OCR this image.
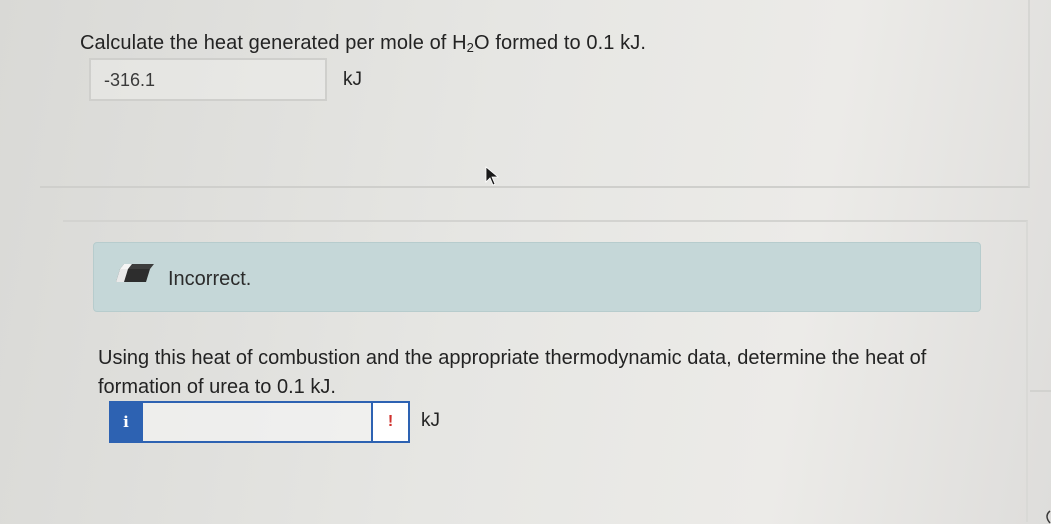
Calculate the heat generated per mole of $H_2O$ formed to 0.1 kJ.
-316.1	kJ
Incorrect.
Using this heat of combustion and the appropriate thermodynamic data, determine the heat of formation of urea to 0.1 kJ.
i	!	kJ
